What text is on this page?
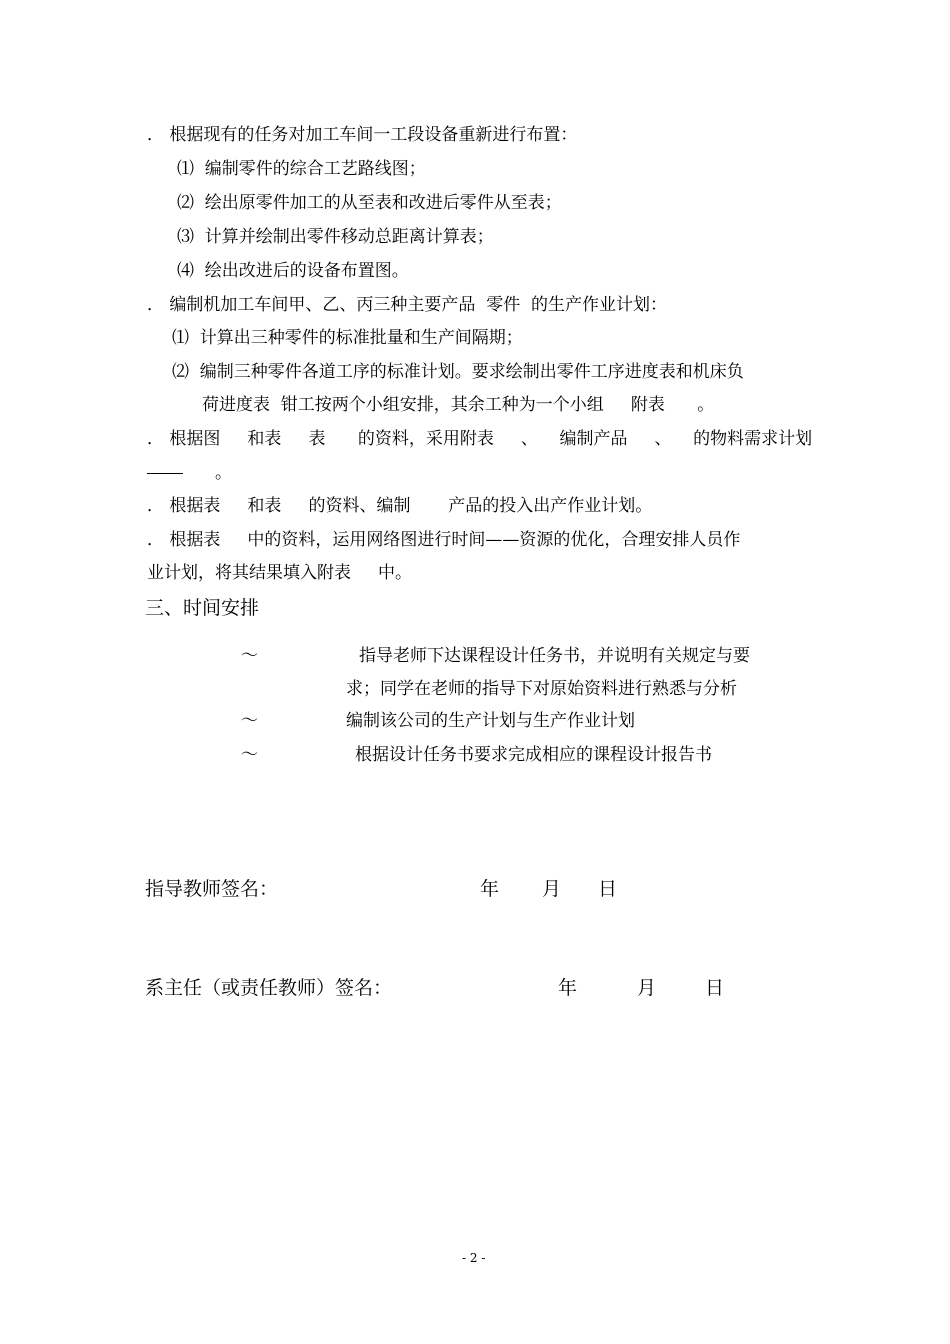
． 根据现有的任务对加工车间一工段设备重新进行布置：
⑴  编制零件的综合工艺路线图；
⑵  绘出原零件加工的从至表和改进后零件从至表；
⑶  计算并绘制出零件移动总距离计算表；
⑷  绘出改进后的设备布置图。
． 编制机加工车间甲、乙、丙三种主要产品  零件  的生产作业计划：
⑴  计算出三种零件的标准批量和生产间隔期；
⑵  编制三种零件各道工序的标准计划。要求绘制出零件工序进度表和机床负
荷进度表  钳工按两个小组安排，其余工种为一个小组     附表      。
． 根据图     和表     表      的资料，采用附表     、    编制产品     、    的物料需求计划
。
． 根据表     和表     的资料、编制       产品的投入出产作业计划。
． 根据表     中的资料，运用网络图进行时间——资源的优化，合理安排人员作
业计划，将其结果填入附表     中。
三、时间安排
～	指导老师下达课程设计任务书，并说明有关规定与要
求；同学在老师的指导下对原始资料进行熟悉与分析
～	编制该公司的生产计划与生产作业计划
～	根据设计任务书要求完成相应的课程设计报告书
指导教师签名：	年 月 日
系主任（或责任教师）签名：	年	月	日
- 2 -
